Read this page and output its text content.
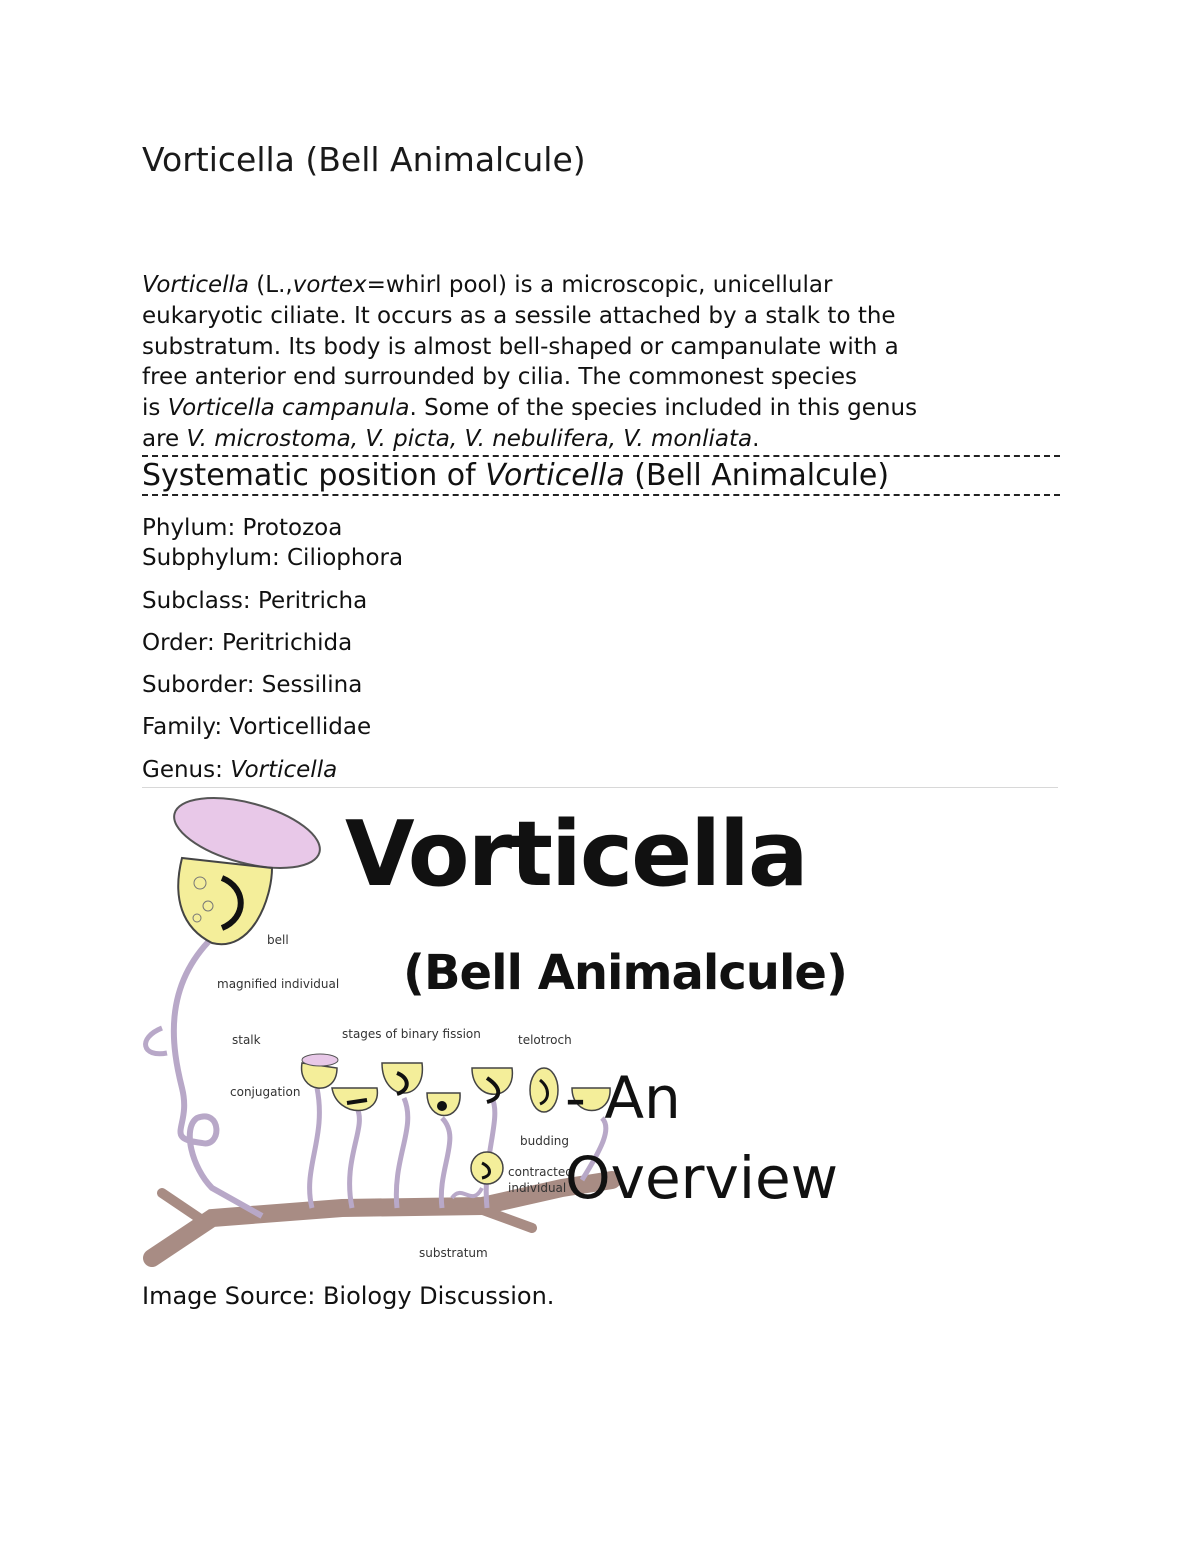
Vorticella (Bell Animalcule)
Vorticella (L.,vortex=whirl pool) is a microscopic, unicellular
eukaryotic ciliate. It occurs as a sessile attached by a stalk to the
substratum. Its body is almost bell-shaped or campanulate with a
free anterior end surrounded by cilia. The commonest species
is Vorticella campanula. Some of the species included in this genus
are V. microstoma, V. picta, V. nebulifera, V. monliata.
Systematic position of Vorticella (Bell Animalcule)
Phylum: Protozoa
Subphylum: Ciliophora
Subclass: Peritricha
Order: Peritrichida
Suborder: Sessilina
Family: Vorticellidae
Genus: Vorticella
bell
magnified individual
stalk	stages of binary fission	telotroch
conjugation
budding
contracted
individual
substratum
Vorticella
(Bell Animalcule)
- An
Overview
Image Source: Biology Discussion.
